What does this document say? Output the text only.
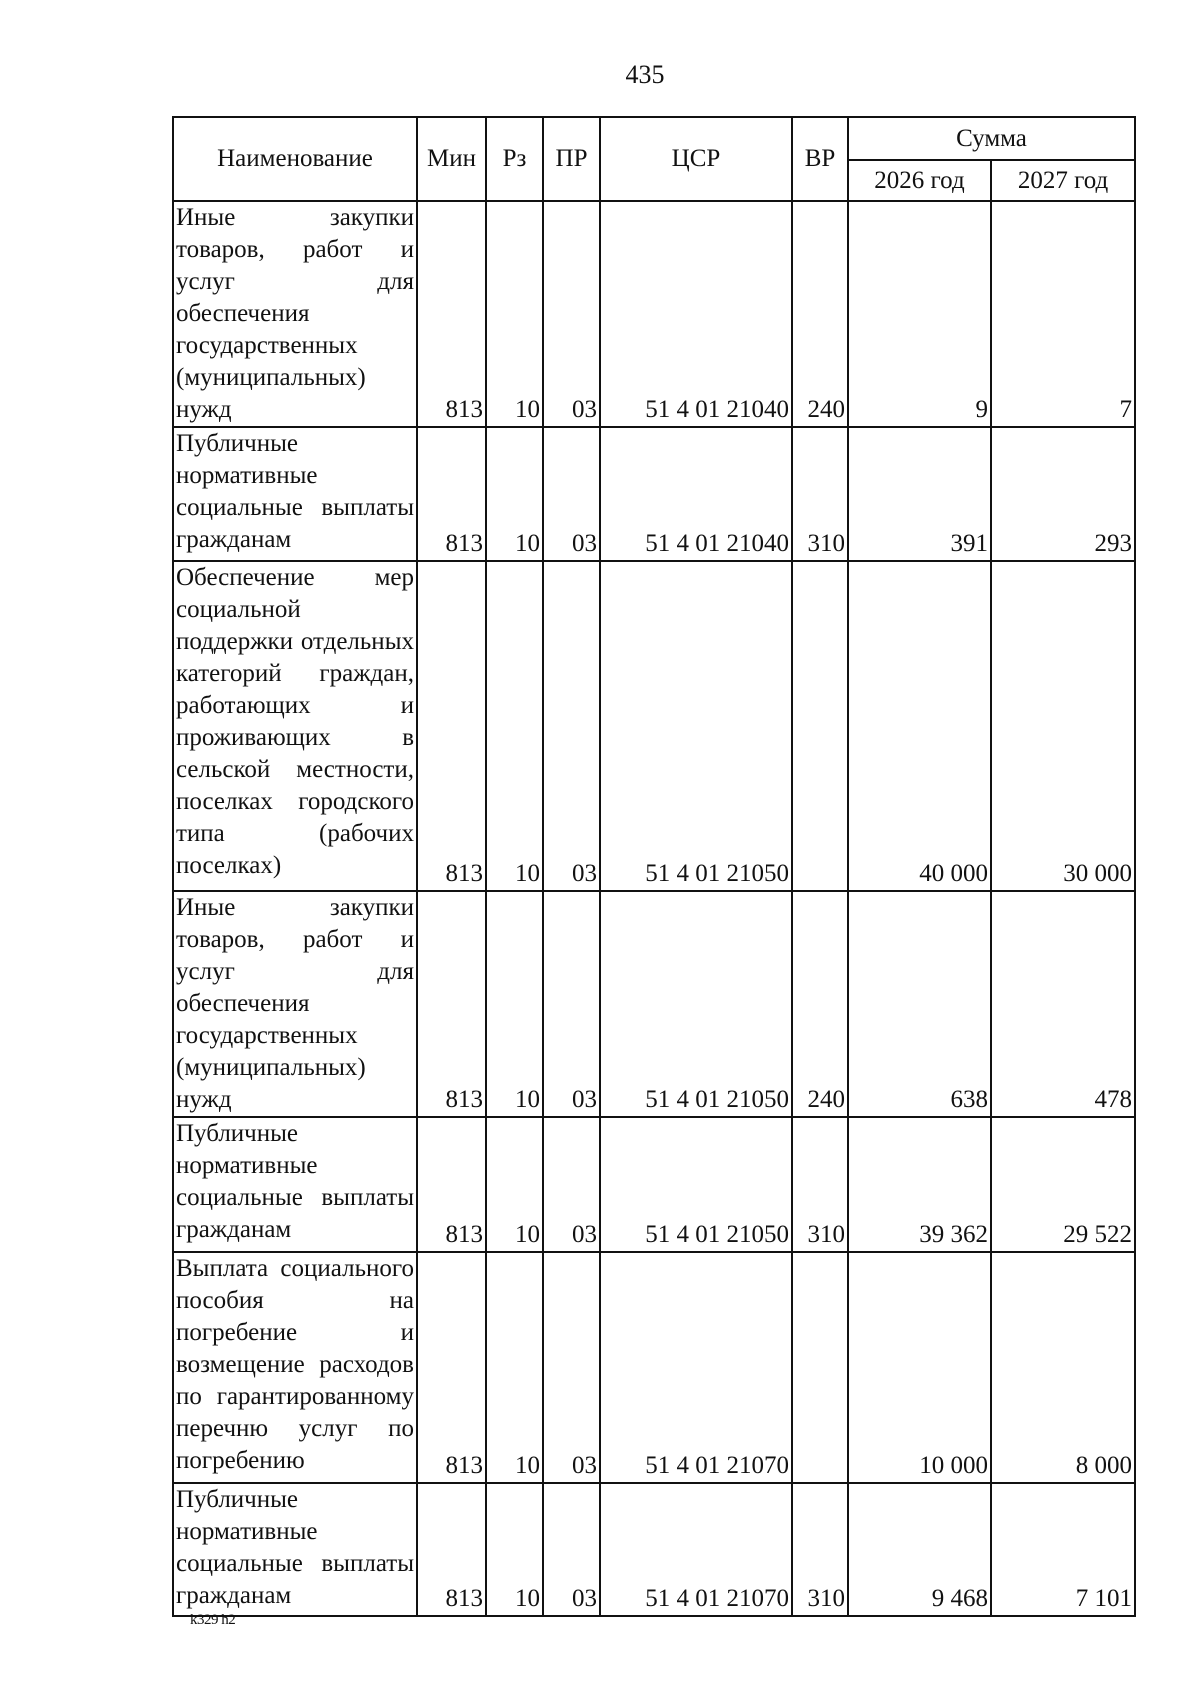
435
Наименование	Мин	Рз	ПР	ЦСР	ВР	Сумма	
						2026 год	2027 год
Иные закупки товаров, работ и услуг для обеспечения государственных (муниципальных) нужд	813	10	03	51 4 01 21040	240	9	7
Публичные нормативные социальные выплаты гражданам	813	10	03	51 4 01 21040	310	391	293
Обеспечение мер социальной поддержки отдельных категорий граждан, работающих и проживающих в сельской местности, поселках городского типа (рабочих поселках)	813	10	03	51 4 01 21050		40 000	30 000
Иные закупки товаров, работ и услуг для обеспечения государственных (муниципальных) нужд	813	10	03	51 4 01 21050	240	638	478
Публичные нормативные социальные выплаты гражданам	813	10	03	51 4 01 21050	310	39 362	29 522
Выплата социального пособия на погребение и возмещение расходов по гарантированному перечню услуг по погребению	813	10	03	51 4 01 21070		10 000	8 000
Публичные нормативные социальные выплаты гражданам	813	10	03	51 4 01 21070	310	9 468	7 101
k329 h2
